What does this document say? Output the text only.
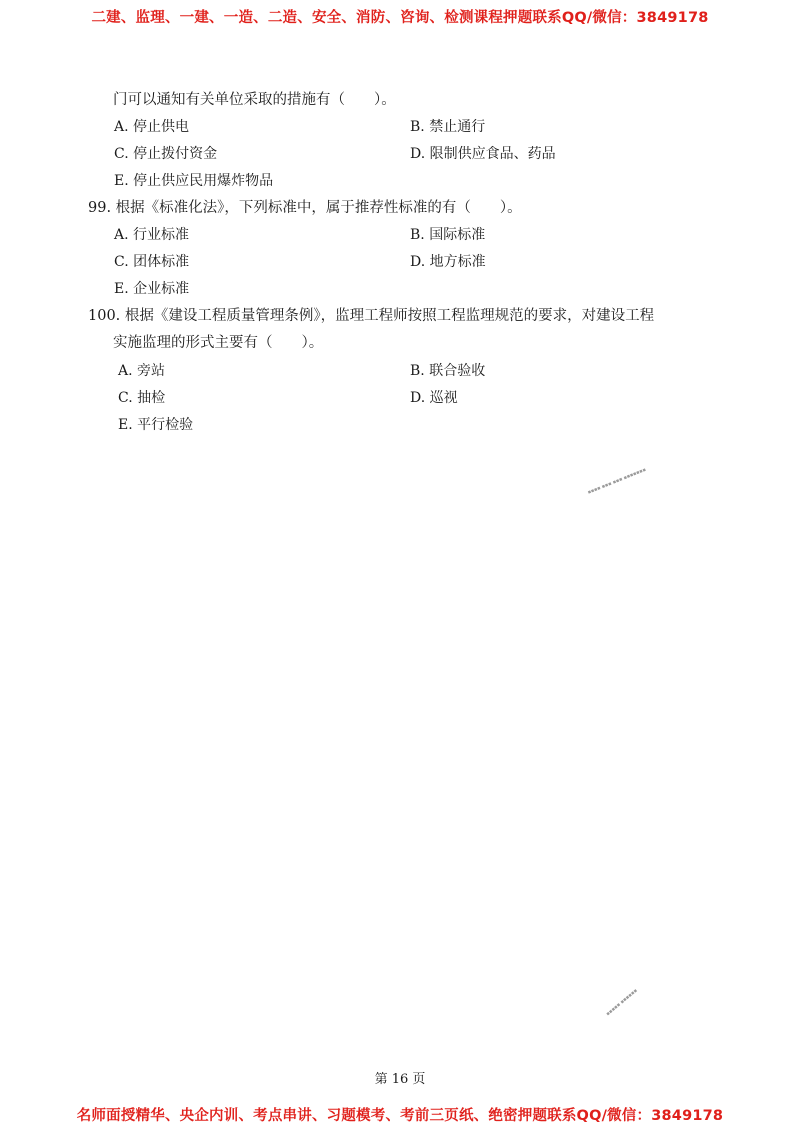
二建、监理、一建、一造、二造、安全、消防、咨询、检测课程押题联系QQ/微信：3849178
门可以通知有关单位采取的措施有（　　）。
A. 停止供电	B. 禁止通行
C. 停止拨付资金	D. 限制供应食品、药品
E. 停止供应民用爆炸物品
99. 根据《标准化法》，下列标准中，属于推荐性标准的有（　　）。
A. 行业标准	B. 国际标准
C. 团体标准	D. 地方标准
E. 企业标准
100. 根据《建设工程质量管理条例》，监理工程师按照工程监理规范的要求，对建设工程
实施监理的形式主要有（　　）。
A. 旁站	B. 联合验收
C. 抽检	D. 巡视
E. 平行检验
▪▪▪▪ ▪▪▪ ▪▪▪ ▪▪▪▪▪▪▪
▪▪▪▪▪ ▪▪▪▪▪▪
第 16 页
名师面授精华、央企内训、考点串讲、习题模考、考前三页纸、绝密押题联系QQ/微信：3849178
